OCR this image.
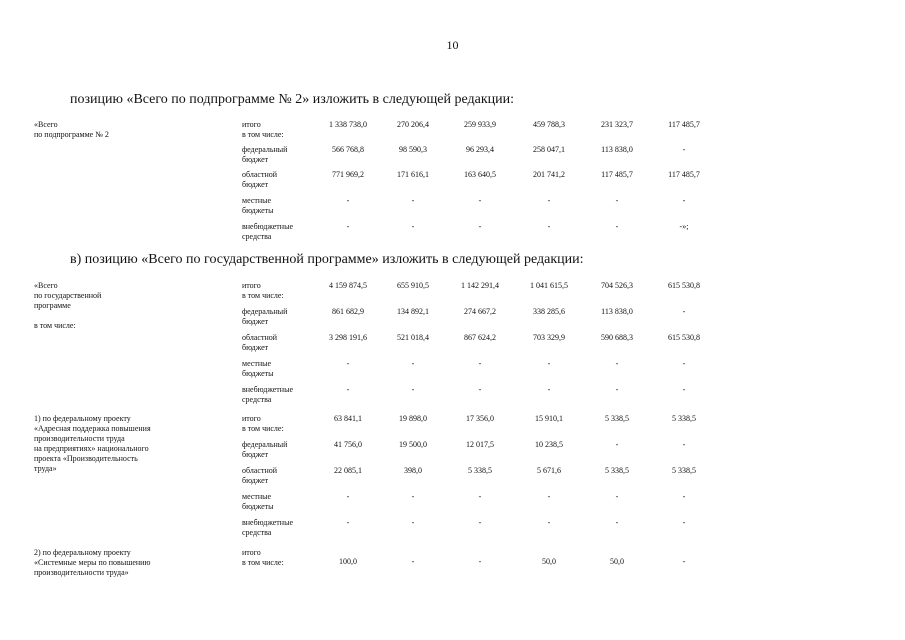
10
позицию «Всего по подпрограмме № 2» изложить в следующей редакции:
«Всего
по подпрограмме № 2
итого
в том числе:
1 338 738,0	270 206,4	259 933,9	459 788,3	231 323,7	117 485,7
федеральный
бюджет
566 768,8	98 590,3	96 293,4	258 047,1	113 838,0	-
областной
бюджет
771 969,2	171 616,1	163 640,5	201 741,2	117 485,7	117 485,7
местные
бюджеты
-	-	-	-	-	-
внебюджетные
средства
-	-	-	-	-	-»;
в) позицию «Всего по государственной программе» изложить в следующей редакции:
«Всего
по государственной
программе

в том числе:
итого
в том числе:
4 159 874,5	655 910,5	1 142 291,4	1 041 615,5	704 526,3	615 530,8
федеральный
бюджет
861 682,9	134 892,1	274 667,2	338 285,6	113 838,0	-
областной
бюджет
3 298 191,6	521 018,4	867 624,2	703 329,9	590 688,3	615 530,8
местные
бюджеты
-	-	-	-	-	-
внебюджетные
средства
-	-	-	-	-	-
1) по федеральному проекту
«Адресная поддержка повышения
производительности труда
на предприятиях» национального
проекта «Производительность
труда»
итого
в том числе:
63 841,1	19 898,0	17 356,0	15 910,1	5 338,5	5 338,5
федеральный
бюджет
41 756,0	19 500,0	12 017,5	10 238,5	-	-
областной
бюджет
22 085,1	398,0	5 338,5	5 671,6	5 338,5	5 338,5
местные
бюджеты
-	-	-	-	-	-
внебюджетные
средства
-	-	-	-	-	-
2) по федеральному проекту
«Системные меры по повышению
производительности труда»
итого
в том числе:	100,0	-	-	50,0	50,0	-
